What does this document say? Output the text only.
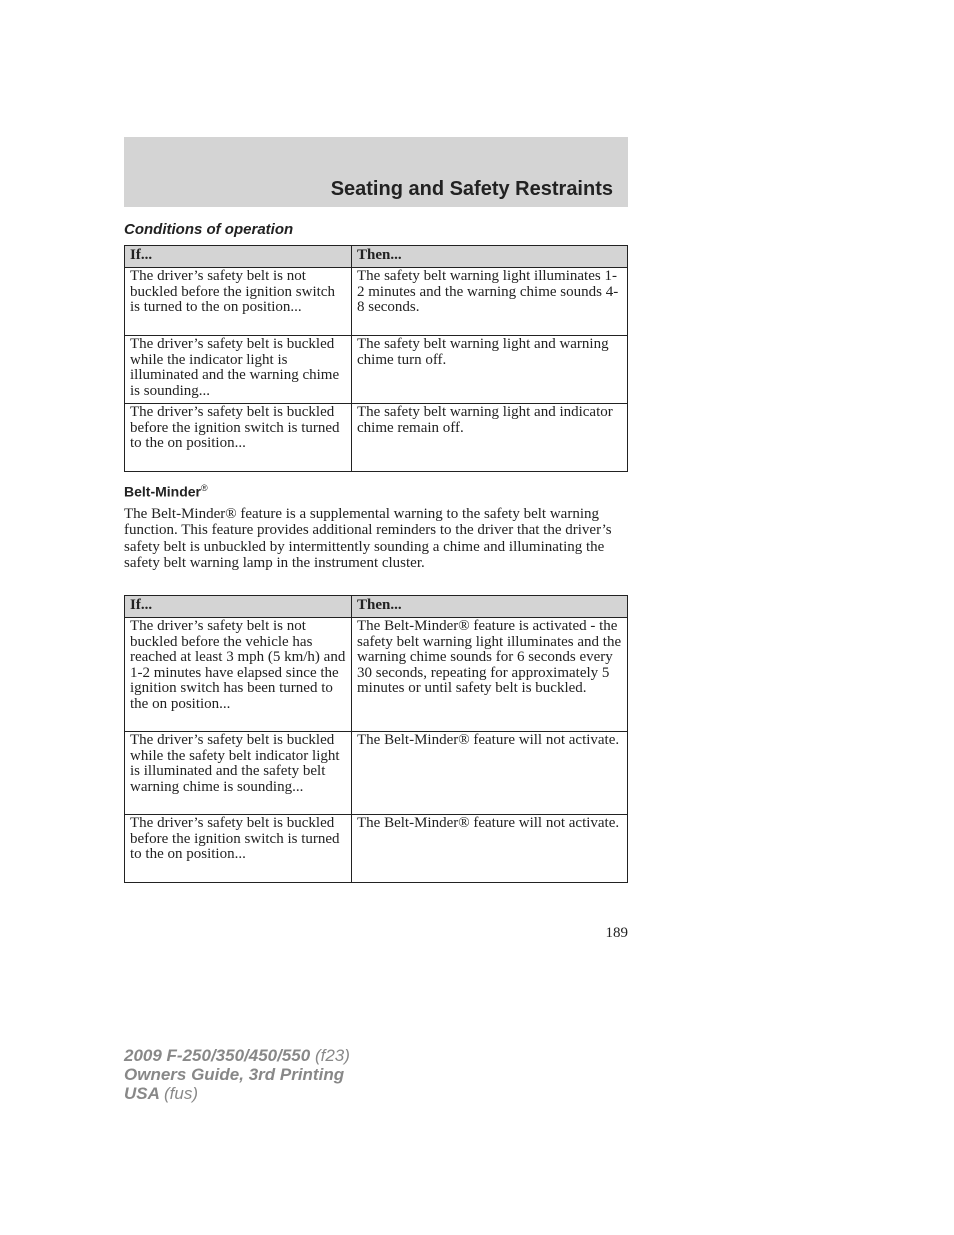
Seating and Safety Restraints
Conditions of operation
If...	Then...
The driver’s safety belt is not buckled before the ignition switch is turned to the on position...	The safety belt warning light illuminates 1-2 minutes and the warning chime sounds 4-8 seconds.
The driver’s safety belt is buckled while the indicator light is illuminated and the warning chime is sounding...	The safety belt warning light and warning chime turn off.
The driver’s safety belt is buckled before the ignition switch is turned to the on position...	The safety belt warning light and indicator chime remain off.
Belt-Minder®
The Belt-Minder® feature is a supplemental warning to the safety belt warning function. This feature provides additional reminders to the driver that the driver’s safety belt is unbuckled by intermittently sounding a chime and illuminating the safety belt warning lamp in the instrument cluster.
If...	Then...
The driver’s safety belt is not buckled before the vehicle has reached at least 3 mph (5 km/h) and 1-2 minutes have elapsed since the ignition switch has been turned to the on position...	The Belt-Minder® feature is activated - the safety belt warning light illuminates and the warning chime sounds for 6 seconds every 30 seconds, repeating for approximately 5 minutes or until safety belt is buckled.
The driver’s safety belt is buckled while the safety belt indicator light is illuminated and the safety belt warning chime is sounding...	The Belt-Minder® feature will not activate.
The driver’s safety belt is buckled before the ignition switch is turned to the on position...	The Belt-Minder® feature will not activate.
189
2009 F-250/350/450/550 (f23)
Owners Guide, 3rd Printing
USA (fus)
